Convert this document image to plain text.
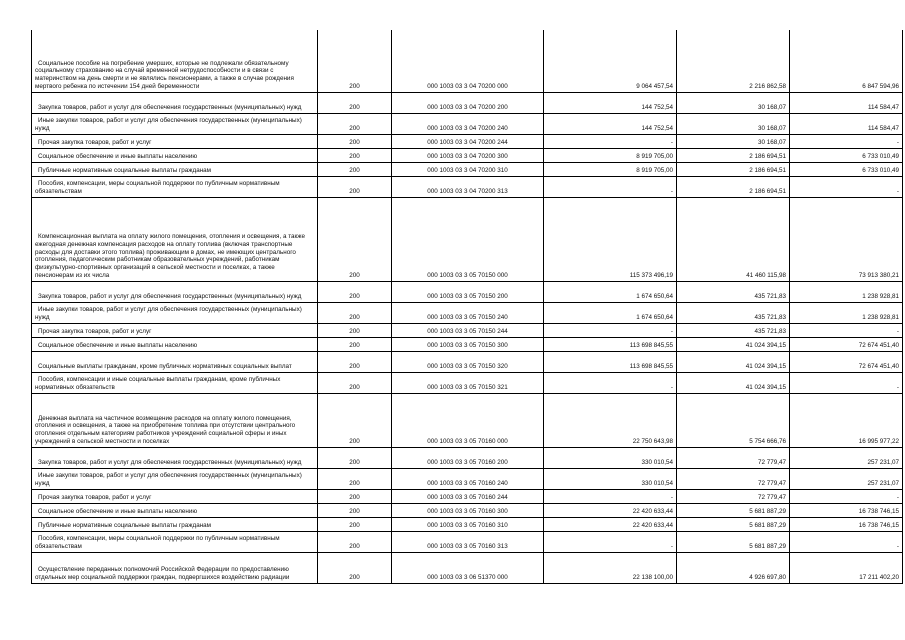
Социальное пособие на погребение умерших, которые не подлежали обязательному социальному страхованию на случай временной нетрудоспособности и в связи с материнством на день смерти и не являлись пенсионерами, а также в случае рождения мертвого ребенка по истечении 154 дней беременности	200	000 1003 03 3 04 70200 000	9 064 457,54	2 216 862,58	6 847 594,96
Закупка товаров, работ и услуг для обеспечения государственных (муниципальных) нужд	200	000 1003 03 3 04 70200 200	144 752,54	30 168,07	114 584,47
Иные закупки товаров, работ и услуг для обеспечения государственных (муниципальных) нужд	200	000 1003 03 3 04 70200 240	144 752,54	30 168,07	114 584,47
Прочая закупка товаров, работ и услуг	200	000 1003 03 3 04 70200 244	-	30 168,07	-
Социальное обеспечение и иные выплаты населению	200	000 1003 03 3 04 70200 300	8 919 705,00	2 186 694,51	6 733 010,49
Публичные нормативные социальные выплаты гражданам	200	000 1003 03 3 04 70200 310	8 919 705,00	2 186 694,51	6 733 010,49
Пособия, компенсации, меры социальной поддержки по публичным нормативным обязательствам	200	000 1003 03 3 04 70200 313	-	2 186 694,51	-
Компенсационная выплата на оплату жилого помещения, отопления и освещения, а также ежегодная денежная компенсация расходов на оплату топлива (включая транспортные расходы для доставки этого топлива) проживающим в домах, не имеющих центрального отопления, педагогическим работникам образовательных учреждений, работникам физкультурно-спортивных организаций в сельской местности и поселках, а также пенсионерам из их числа	200	000 1003 03 3 05 70150 000	115 373 496,19	41 460 115,98	73 913 380,21
Закупка товаров, работ и услуг для обеспечения государственных (муниципальных) нужд	200	000 1003 03 3 05 70150 200	1 674 650,64	435 721,83	1 238 928,81
Иные закупки товаров, работ и услуг для обеспечения государственных (муниципальных) нужд	200	000 1003 03 3 05 70150 240	1 674 650,64	435 721,83	1 238 928,81
Прочая закупка товаров, работ и услуг	200	000 1003 03 3 05 70150 244	-	435 721,83	-
Социальное обеспечение и иные выплаты населению	200	000 1003 03 3 05 70150 300	113 698 845,55	41 024 394,15	72 674 451,40
Социальные выплаты гражданам, кроме публичных нормативных социальных выплат	200	000 1003 03 3 05 70150 320	113 698 845,55	41 024 394,15	72 674 451,40
Пособия, компенсации и иные социальные выплаты гражданам, кроме публичных нормативных обязательств	200	000 1003 03 3 05 70150 321	-	41 024 394,15	-
Денежная выплата на частичное возмещение расходов на оплату жилого помещения, отопления и освещения, а также на приобретение топлива при отсутствии центрального отопления отдельным категориям работников учреждений социальной сферы и иных учреждений в сельской местности и поселках	200	000 1003 03 3 05 70160 000	22 750 643,98	5 754 666,76	16 995 977,22
Закупка товаров, работ и услуг для обеспечения государственных (муниципальных) нужд	200	000 1003 03 3 05 70160 200	330 010,54	72 779,47	257 231,07
Иные закупки товаров, работ и услуг для обеспечения государственных (муниципальных) нужд	200	000 1003 03 3 05 70160 240	330 010,54	72 779,47	257 231,07
Прочая закупка товаров, работ и услуг	200	000 1003 03 3 05 70160 244	-	72 779,47	-
Социальное обеспечение и иные выплаты населению	200	000 1003 03 3 05 70160 300	22 420 633,44	5 681 887,29	16 738 746,15
Публичные нормативные социальные выплаты гражданам	200	000 1003 03 3 05 70160 310	22 420 633,44	5 681 887,29	16 738 746,15
Пособия, компенсации, меры социальной поддержки по публичным нормативным обязательствам	200	000 1003 03 3 05 70160 313	-	5 681 887,29	-
Осуществление переданных полномочий Российской Федерации по предоставлению отдельных мер социальной поддержки граждан, подвергшихся воздействию радиации	200	000 1003 03 3 06 51370 000	22 138 100,00	4 926 697,80	17 211 402,20
